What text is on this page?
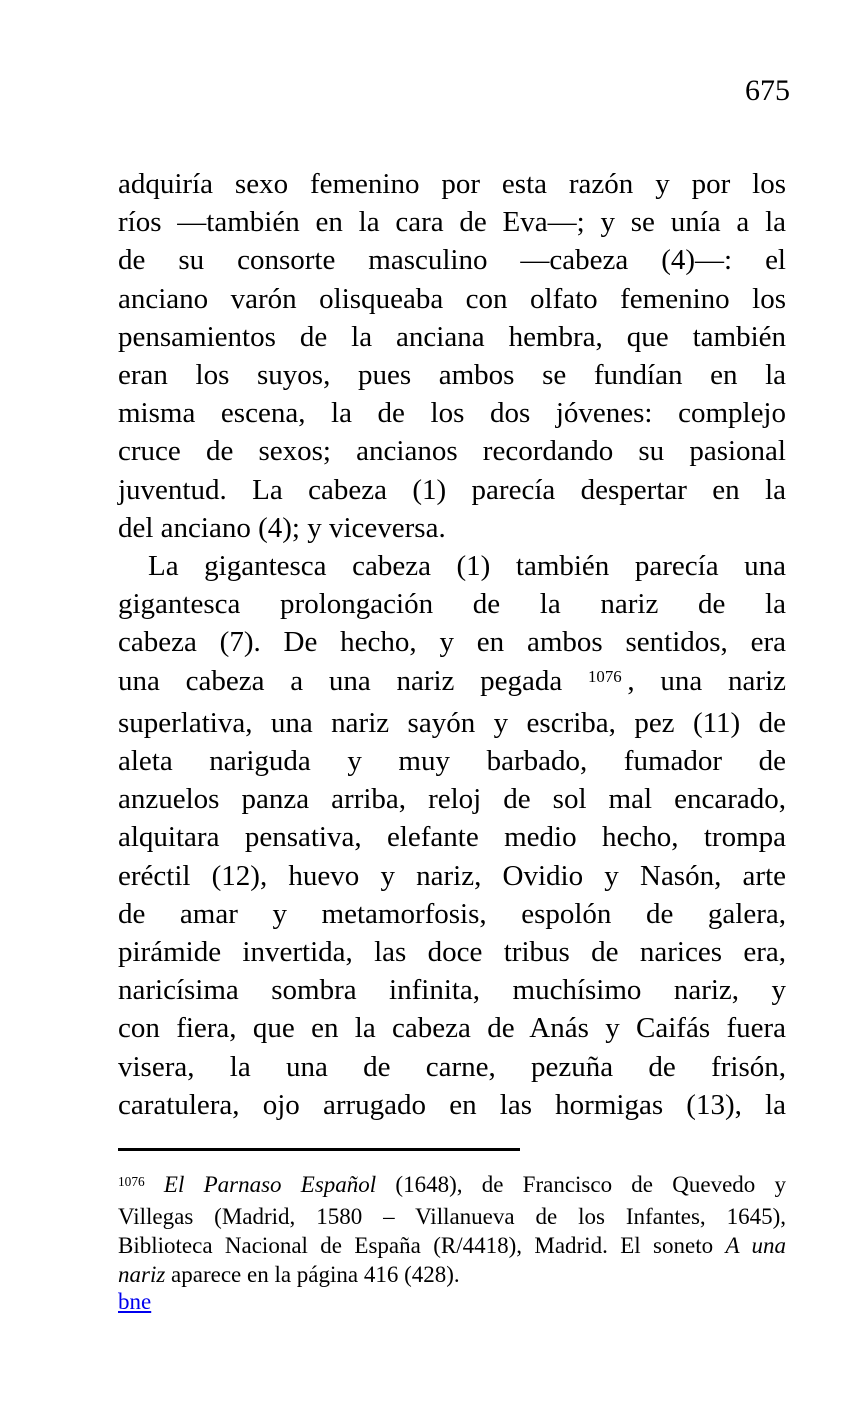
675
adquiría sexo femenino por esta razón y por los
ríos —también en la cara de Eva—; y se unía a la
de su consorte masculino —cabeza (4)—: el
anciano varón olisqueaba con olfato femenino los
pensamientos de la anciana hembra, que también
eran los suyos, pues ambos se fundían en la
misma escena, la de los dos jóvenes: complejo
cruce de sexos; ancianos recordando su pasional
juventud. La cabeza (1) parecía despertar en la
del anciano (4); y viceversa.
La gigantesca cabeza (1) también parecía una
gigantesca prolongación de la nariz de la
cabeza (7). De hecho, y en ambos sentidos, era
una cabeza a una nariz pegada $^{1076}$ , una nariz
superlativa, una nariz sayón y escriba, pez (11) de
aleta nariguda y muy barbado, fumador de
anzuelos panza arriba, reloj de sol mal encarado,
alquitara pensativa, elefante medio hecho, trompa
eréctil (12), huevo y nariz, Ovidio y Nasón, arte
de amar y metamorfosis, espolón de galera,
pirámide invertida, las doce tribus de narices era,
naricísima sombra infinita, muchísimo nariz, y
con fiera, que en la cabeza de Anás y Caifás fuera
visera, la una de carne, pezuña de frisón,
caratulera, ojo arrugado en las hormigas (13), la
$^{1076}$ El Parnaso Español (1648), de Francisco de Quevedo y
Villegas (Madrid, 1580 – Villanueva de los Infantes, 1645),
Biblioteca Nacional de España (R/4418), Madrid. El soneto A una
nariz aparece en la página 416 (428).
bne
